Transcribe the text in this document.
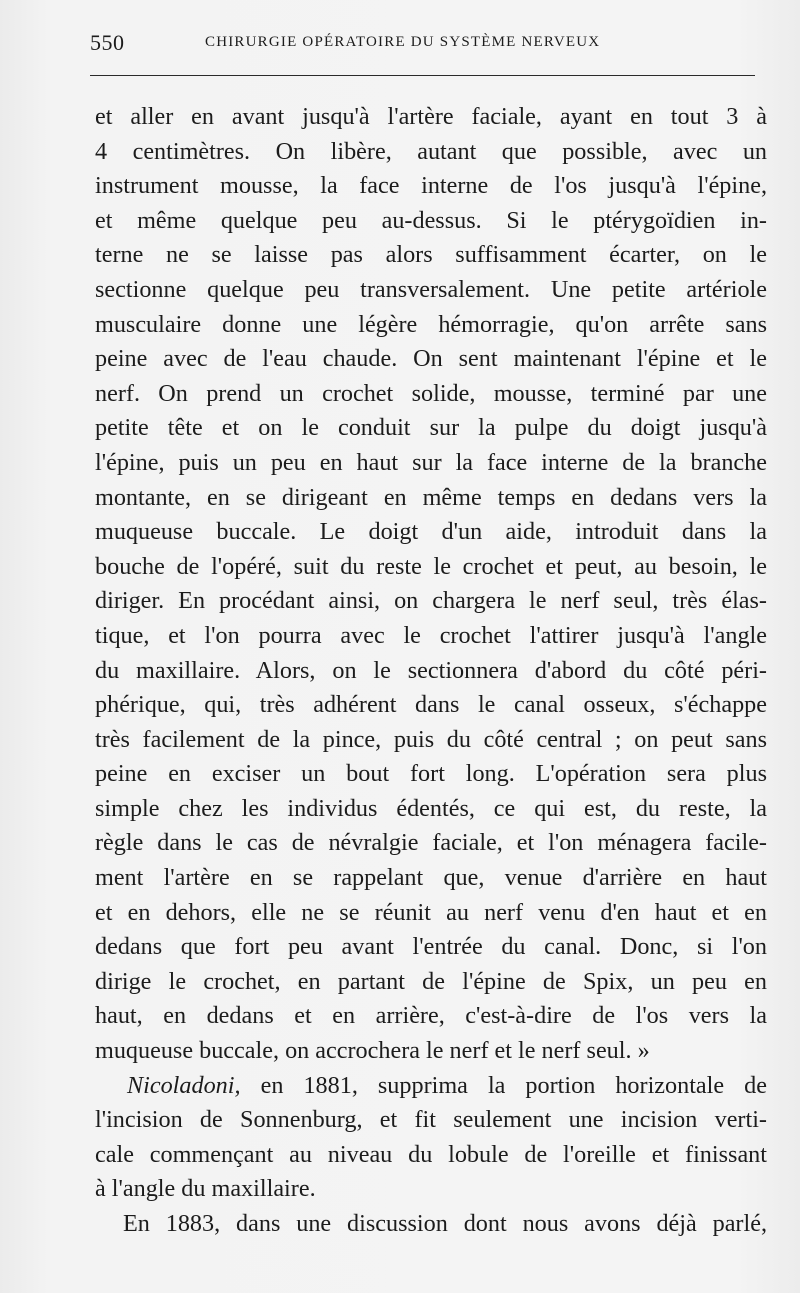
550	CHIRURGIE OPÉRATOIRE DU SYSTÈME NERVEUX
et aller en avant jusqu'à l'artère faciale, ayant en tout 3 à
4 centimètres. On libère, autant que possible, avec un
instrument mousse, la face interne de l'os jusqu'à l'épine,
et même quelque peu au-dessus. Si le ptérygoïdien in-
terne ne se laisse pas alors suffisamment écarter, on le
sectionne quelque peu transversalement. Une petite artériole
musculaire donne une légère hémorragie, qu'on arrête sans
peine avec de l'eau chaude. On sent maintenant l'épine et le
nerf. On prend un crochet solide, mousse, terminé par une
petite tête et on le conduit sur la pulpe du doigt jusqu'à
l'épine, puis un peu en haut sur la face interne de la branche
montante, en se dirigeant en même temps en dedans vers la
muqueuse buccale. Le doigt d'un aide, introduit dans la
bouche de l'opéré, suit du reste le crochet et peut, au besoin, le
diriger. En procédant ainsi, on chargera le nerf seul, très élas-
tique, et l'on pourra avec le crochet l'attirer jusqu'à l'angle
du maxillaire. Alors, on le sectionnera d'abord du côté péri-
phérique, qui, très adhérent dans le canal osseux, s'échappe
très facilement de la pince, puis du côté central ; on peut sans
peine en exciser un bout fort long. L'opération sera plus
simple chez les individus édentés, ce qui est, du reste, la
règle dans le cas de névralgie faciale, et l'on ménagera facile-
ment l'artère en se rappelant que, venue d'arrière en haut
et en dehors, elle ne se réunit au nerf venu d'en haut et en
dedans que fort peu avant l'entrée du canal. Donc, si l'on
dirige le crochet, en partant de l'épine de Spix, un peu en
haut, en dedans et en arrière, c'est-à-dire de l'os vers la
muqueuse buccale, on accrochera le nerf et le nerf seul. »
Nicoladoni, en 1881, supprima la portion horizontale de
l'incision de Sonnenburg, et fit seulement une incision verti-
cale commençant au niveau du lobule de l'oreille et finissant
à l'angle du maxillaire.
En 1883, dans une discussion dont nous avons déjà parlé,
